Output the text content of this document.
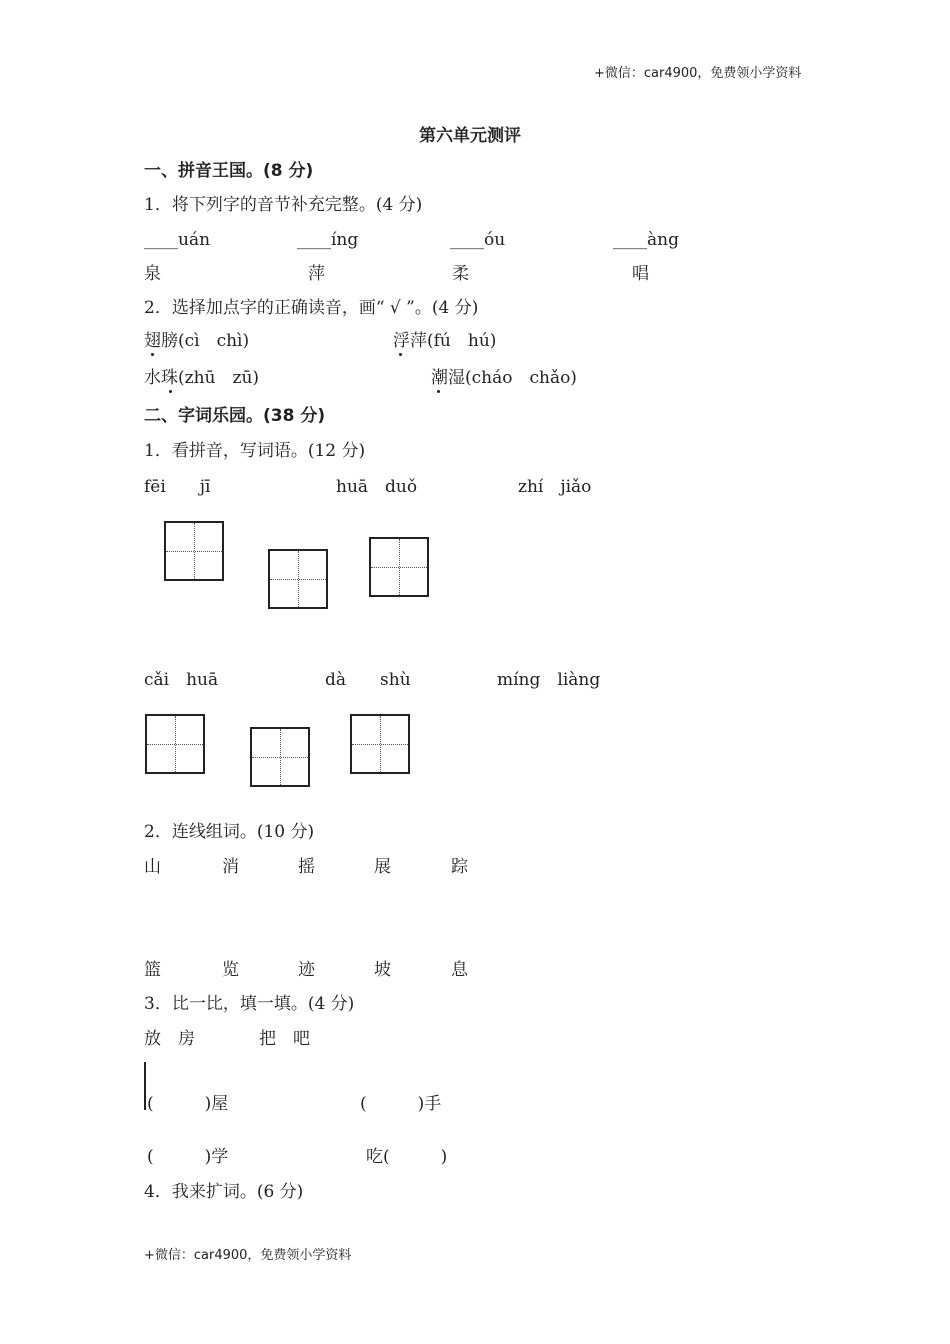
+微信：car4900，免费领小学资料
+微信：car4900，免费领小学资料
第六单元测评
一、拼音王国。(8 分)
1．将下列字的音节补充完整。(4 分)
____uán	____íng	____óu	____àng
泉	萍	柔	唱
2．选择加点字的正确读音，画“ √ ”。(4 分)
翅膀(cì　chì)	浮萍(fú　hú)
水珠(zhū　zū)	潮湿(cháo　chǎo)
二、字词乐园。(38 分)
1．看拼音，写词语。(12 分)
fēi　　jī	huā　duǒ	zhí　jiǎo
cǎi　huā	dà　　shù	míng　liàng
2．连线组词。(10 分)
山	消	摇	展	踪
篮	览	迹	坡	息
3．比一比，填一填。(4 分)
放　房	把　吧
(　　　)屋	(　　　)手
(　　　)学	吃(　　　)
4．我来扩词。(6 分)
